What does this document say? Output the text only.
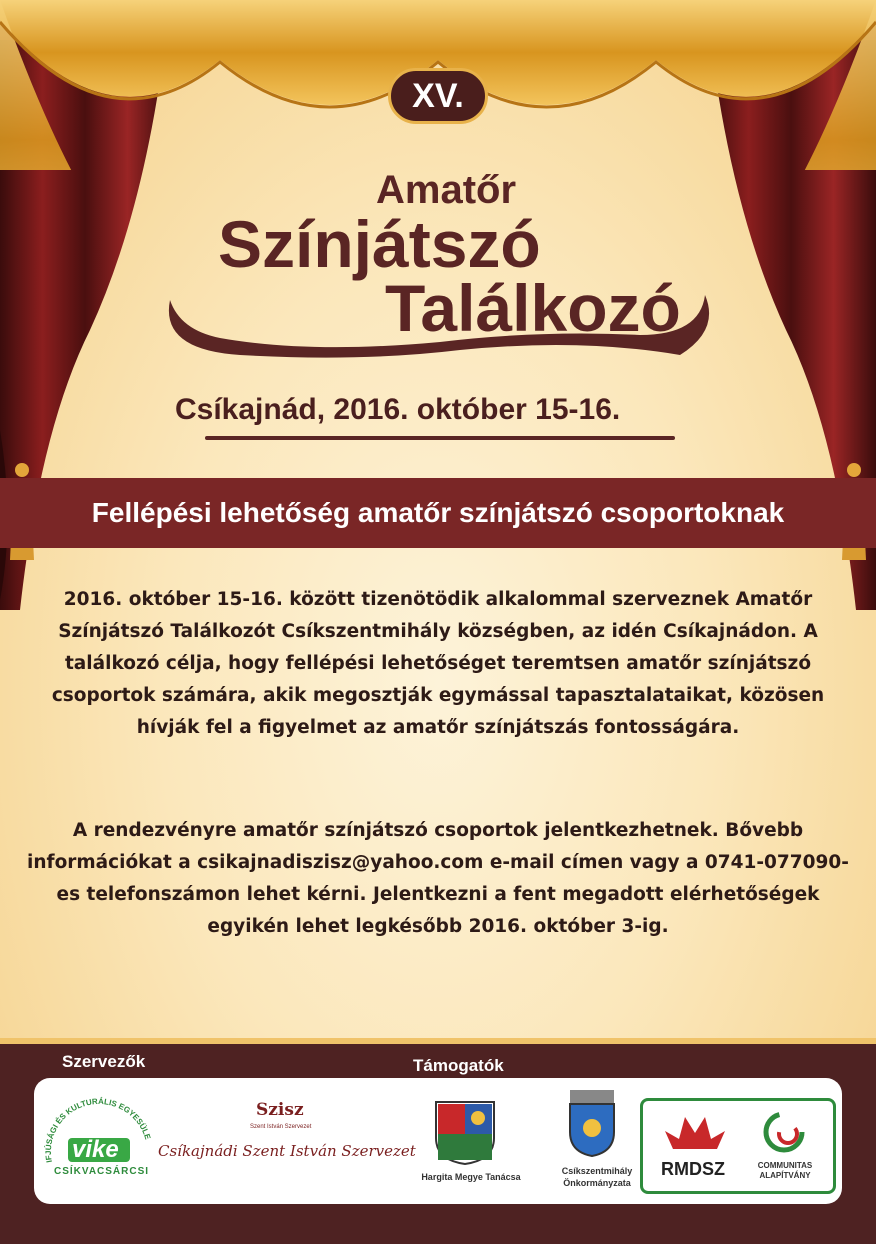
XV.
Amatőr
Színjátszó
Találkozó
Csíkajnád, 2016. október 15-16.
Fellépési lehetőség amatőr színjátszó csoportoknak
2016. október 15-16. között tizenötödik alkalommal szerveznek Amatőr Színjátszó Találkozót Csíkszentmihály községben, az idén Csíkajnádon. A találkozó célja, hogy fellépési lehetőséget teremtsen amatőr színjátszó csoportok számára, akik megosztják egymással tapasztalataikat, közösen hívják fel a figyelmet az amatőr színjátszás fontosságára.
A rendezvényre amatőr színjátszó csoportok jelentkezhetnek. Bővebb információkat a csikajnadiszisz@yahoo.com e-mail címen vagy a 0741-077090-es telefonszámon lehet kérni. Jelentkezni a fent megadott elérhetőségek egyikén lehet legkésőbb 2016. október 3-ig.
Szervezők	Támogatók
IFJÚSÁGI ÉS KULTURÁLIS EGYESÜLE
vike
CSÍKVACSÁRCSI
Szisz
Szent István Szervezet
Csíkajnádi Szent István Szervezet
Hargita Megye Tanácsa
Csíkszentmihály
Önkormányzata
RMDSZ	COMMUNITAS
ALAPÍTVÁNY
